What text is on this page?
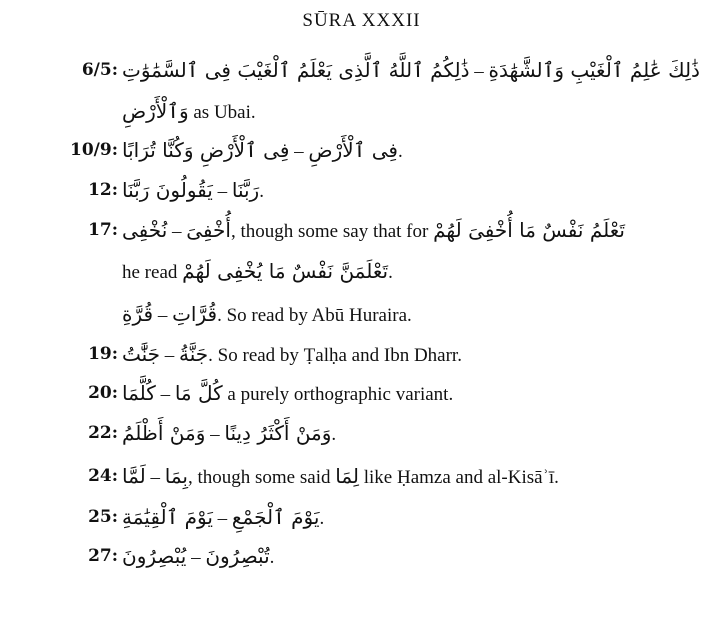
SŪRA XXXII
6/5: ذَٰلِكُمُ ٱللَّهُ ٱلَّذِى يَعْلَمُ ٱلْغَيْبَ فِى ٱلسَّمَٰوَٰتِ – ذَٰلِكَ عَٰلِمُ ٱلْغَيْبِ وَٱلشَّهَٰدَةِ
وَٱلْأَرْضِ as Ubai.
10/9: فِى ٱلْأَرْضِ وَكُنَّا تُرَابًا – فِى ٱلْأَرْضِ.
12: يَقُولُونَ رَبَّنَا – رَبَّنَا.
17: نُخْفِى – أُخْفِىَ, though some say that for تَعْلَمُ نَفْسٌ مَا أُخْفِىَ لَهُمْ
he read تَعْلَمَنَّ نَفْسٌ مَا يُخْفِى لَهُمْ.
قُرَّةِ – قُرَّاتِ. So read by Abū Huraira.
19: جَنَّٰتُ – جَنَّةُ. So read by Ṭalḥa and Ibn Dharr.
20: كُلَّمَا – كُلَّ مَا a purely orthographic variant.
22: وَمَنْ أَظْلَمُ – وَمَنْ أَكْثَرُ دِينًا.
24: لَمَّا – بِمَا, though some said لِمَا like Ḥamza and al-Kisāʾī.
25: يَوْمَ ٱلْقِيَٰمَةِ – يَوْمَ ٱلْجَمْعِ.
27: يُبْصِرُونَ – تُبْصِرُونَ.
